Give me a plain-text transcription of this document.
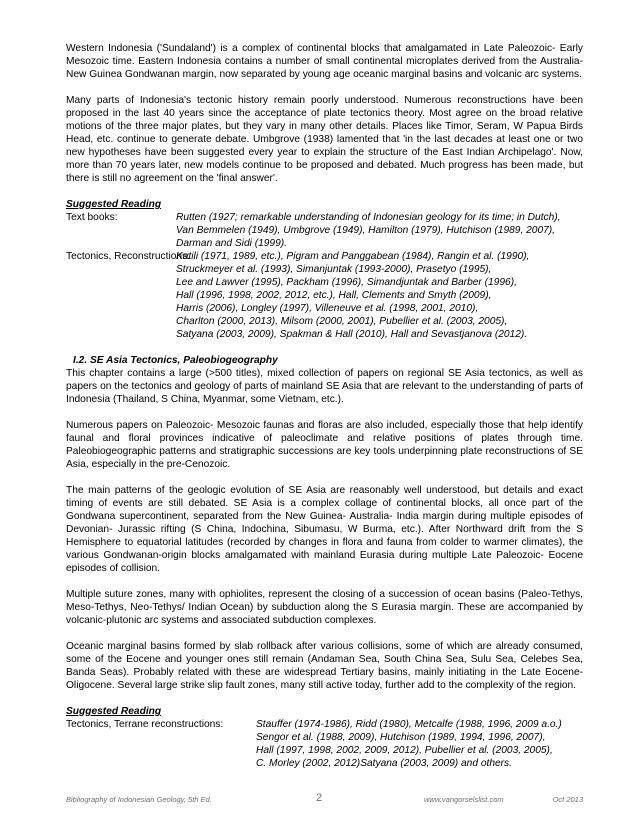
Western Indonesia ('Sundaland') is a complex of continental blocks that amalgamated in Late Paleozoic- Early Mesozoic time. Eastern Indonesia contains a number of small continental microplates derived from the Australia- New Guinea Gondwanan margin, now separated by young age oceanic marginal basins and volcanic arc systems.

Many parts of Indonesia's tectonic history remain poorly understood. Numerous reconstructions have been proposed in the last 40 years since the acceptance of plate tectonics theory. Most agree on the broad relative motions of the three major plates, but they vary in many other details. Places like Timor, Seram, W Papua Birds Head, etc. continue to generate debate. Umbgrove (1938) lamented that 'in the last decades at least one or two new hypotheses have been suggested every year to explain the structure of the East Indian Archipelago'. Now, more than 70 years later, new models continue to be proposed and debated. Much progress has been made, but there is still no agreement on the 'final answer'.

Suggested Reading
Text books:	Rutten (1927; remarkable understanding of Indonesian geology for its time; in Dutch),
Van Bemmelen (1949), Umbgrove (1949), Hamilton (1979), Hutchison (1989, 2007),
Darman and Sidi (1999).
Tectonics, Reconstructions:
Katili (1971, 1989, etc.), Pigram and Panggabean (1984), Rangin et al. (1990),
Struckmeyer et al. (1993), Simanjuntak (1993-2000), Prasetyo (1995),
Lee and Lawver (1995), Packham (1996), Simandjuntak and Barber (1996),
Hall (1996, 1998, 2002, 2012, etc.), Hall, Clements and Smyth (2009),
Harris (2006), Longley (1997), Villeneuve et al. (1998, 2001, 2010),
Charlton (2000, 2013), Milsom (2000, 2001), Pubellier et al. (2003, 2005),
Satyana (2003, 2009), Spakman & Hall (2010), Hall and Sevastjanova (2012).
I.2. SE Asia Tectonics, Paleobiogeography

This chapter contains a large (>500 titles), mixed collection of papers on regional SE Asia tectonics, as well as papers on the tectonics and geology of parts of mainland SE Asia that are relevant to the understanding of parts of Indonesia (Thailand, S China, Myanmar, some Vietnam, etc.).

Numerous papers on Paleozoic- Mesozoic faunas and floras are also included, especially those that help identify faunal and floral provinces indicative of paleoclimate and relative positions of plates through time. Paleobiogeographic patterns and stratigraphic successions are key tools underpinning plate reconstructions of SE Asia, especially in the pre-Cenozoic.

The main patterns of the geologic evolution of SE Asia are reasonably well understood, but details and exact timing of events are still debated. SE Asia is a complex collage of continental blocks, all once part of the Gondwana supercontinent, separated from the New Guinea- Australia- India margin during multiple episodes of Devonian- Jurassic rifting (S China, Indochina, Sibumasu, W Burma, etc.). After Northward drift from the S Hemisphere to equatorial latitudes (recorded by changes in flora and fauna from colder to warmer climates), the various Gondwanan-origin blocks amalgamated with mainland Eurasia during multiple Late Paleozoic- Eocene episodes of collision.

Multiple suture zones, many with ophiolites, represent the closing of a succession of ocean basins (Paleo-Tethys, Meso-Tethys, Neo-Tethys/ Indian Ocean) by subduction along the S Eurasia margin. These are accompanied by volcanic-plutonic arc systems and associated subduction complexes.

Oceanic marginal basins formed by slab rollback after various collisions, some of which are already consumed, some of the Eocene and younger ones still remain (Andaman Sea, South China Sea, Sulu Sea, Celebes Sea, Banda Seas). Probably related with these are widespread Tertiary basins, mainly initiating in the Late Eocene-Oligocene. Several large strike slip fault zones, many still active today, further add to the complexity of the region.

Suggested Reading
Tectonics, Terrane reconstructions:	Stauffer (1974-1986), Ridd (1980), Metcalfe (1988, 1996, 2009 a.o.)
Sengor et al. (1988, 2009), Hutchison (1989, 1994, 1996, 2007),
Hall (1997, 1998, 2002, 2009, 2012), Pubellier et al. (2003, 2005),
C. Morley (2002, 2012)Satyana (2003, 2009) and others.
Bibliography of Indonesian Geology, 5th Ed.	2	www.vangorselslist.com	Oct 2013
